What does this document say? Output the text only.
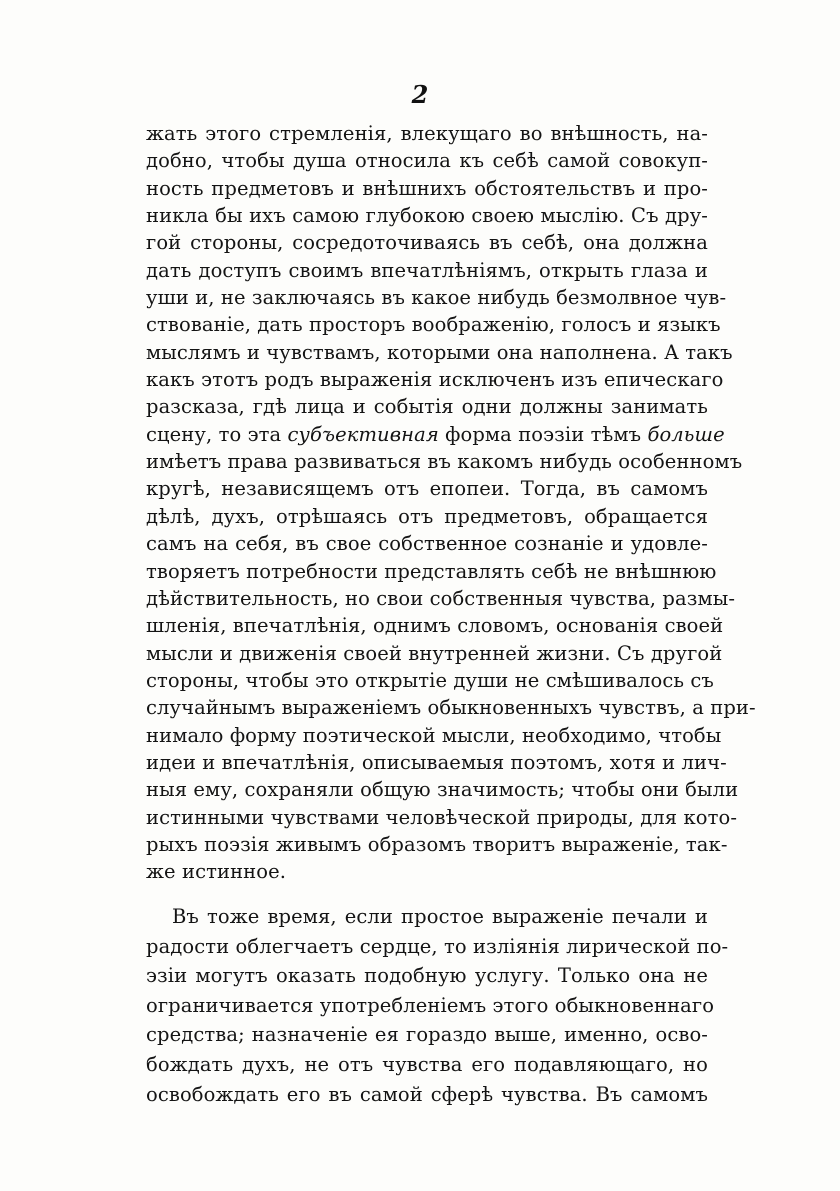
2
жать этого стремленія, влекущаго во внѣшность, на-
добно, чтобы душа относила къ себѣ самой совокуп-
ность предметовъ и внѣшнихъ обстоятельствъ и про-
никла бы ихъ самою глубокою своею мыслію. Съ дру-
гой стороны, сосредоточиваясь въ себѣ, она должна
дать доступъ своимъ впечатлѣніямъ, открыть глаза и
уши и, не заключаясь въ какое нибудь безмолвное чув-
ствованіе, дать просторъ воображенію, голосъ и языкъ
мыслямъ и чувствамъ, которыми она наполнена. А такъ
какъ этотъ родъ выраженія исключенъ изъ епическаго
разсказа, гдѣ лица и событія одни должны занимать
сцену, то эта субъективная форма поэзіи тѣмъ больше
имѣетъ права развиваться въ какомъ нибудь особенномъ
кругѣ, независящемъ отъ епопеи. Тогда, въ самомъ
дѣлѣ, духъ, отрѣшаясь отъ предметовъ, обращается
самъ на себя, въ свое собственное сознаніе и удовле-
творяетъ потребности представлять себѣ не внѣшнюю
дѣйствительность, но свои собственныя чувства, размы-
шленія, впечатлѣнія, однимъ словомъ, основанія своей
мысли и движенія своей внутренней жизни. Съ другой
стороны, чтобы это открытіе души не смѣшивалось съ
случайнымъ выраженіемъ обыкновенныхъ чувствъ, а при-
нимало форму поэтической мысли, необходимо, чтобы
идеи и впечатлѣнія, описываемыя поэтомъ, хотя и лич-
ныя ему, сохраняли общую значимость; чтобы они были
истинными чувствами человѣческой природы, для кото-
рыхъ поэзія живымъ образомъ творитъ выраженіе, так-
же истинное.
Въ тоже время, если простое выраженіе печали и
радости облегчаетъ сердце, то изліянія лирической по-
эзіи могутъ оказать подобную услугу. Только она не
ограничивается употребленіемъ этого обыкновеннаго
средства; назначеніе ея гораздо выше, именно, осво-
бождать духъ, не отъ чувства его подавляющаго, но
освобождать его въ самой сферѣ чувства. Въ самомъ
